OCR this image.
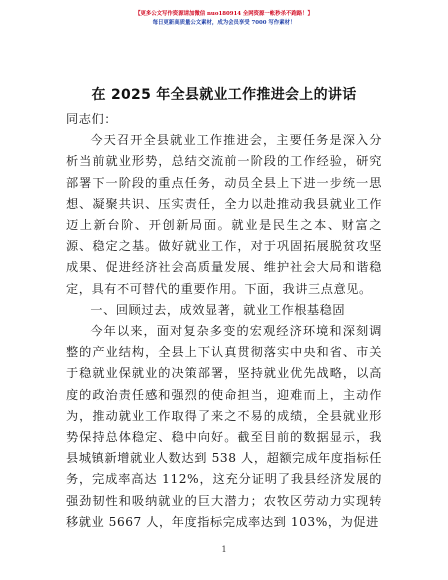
【更多公文写作资源请加微信 nuo180914 全网资源一帐秒杀不跑路！】
每日更新高质量公文素材，成为会员享受 7000 写作素材！
在 2025 年全县就业工作推进会上的讲话

同志们：

今天召开全县就业工作推进会，主要任务是深入分析当前就业形势，总结交流前一阶段的工作经验，研究部署下一阶段的重点任务，动员全县上下进一步统一思想、凝聚共识、压实责任，全力以赴推动我县就业工作迈上新台阶、开创新局面。就业是民生之本、财富之源、稳定之基。做好就业工作，对于巩固拓展脱贫攻坚成果、促进经济社会高质量发展、维护社会大局和谐稳定，具有不可替代的重要作用。下面，我讲三点意见。

一、回顾过去，成效显著，就业工作根基稳固

今年以来，面对复杂多变的宏观经济环境和深刻调整的产业结构，全县上下认真贯彻落实中央和省、市关于稳就业保就业的决策部署，坚持就业优先战略，以高度的政治责任感和强烈的使命担当，迎难而上，主动作为，推动就业工作取得了来之不易的成绩，全县就业形势保持总体稳定、稳中向好。截至目前的数据显示，我县城镇新增就业人数达到 538 人，超额完成年度指标任务，完成率高达 112%，这充分证明了我县经济发展的强劲韧性和吸纳就业的巨大潜力；农牧区劳动力实现转移就业 5667 人，年度指标完成率达到 103%，为促进

1
